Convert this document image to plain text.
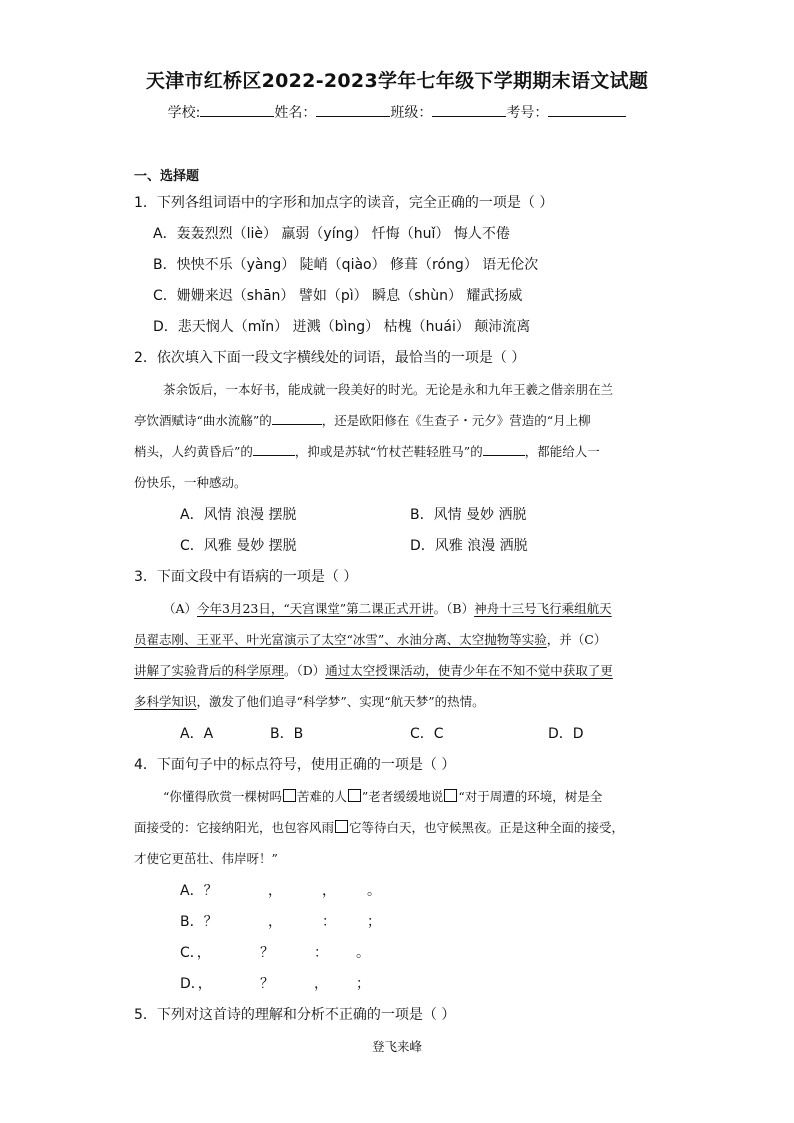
天津市红桥区2022-2023学年七年级下学期期末语文试题
学校:	姓名：	班级：	考号：
一、选择题
1．下列各组词语中的字形和加点字的读音，完全正确的一项是（ ）
A．轰轰烈烈（liè） 羸弱（yíng） 忏悔（huǐ） 悔人不倦
B．怏怏不乐（yàng） 陡峭（qiào） 修葺（róng） 语无伦次
C．姗姗来迟（shān） 譬如（pì） 瞬息（shùn） 耀武扬威
D．悲天悯人（mǐn） 迸溅（bìng） 枯槐（huái） 颠沛流离
2．依次填入下面一段文字横线处的词语，最恰当的一项是（ ）
茶余饭后，一本好书，能成就一段美好的时光。无论是永和九年王羲之偕亲朋在兰
亭饮酒赋诗“曲水流觞”的	，还是欧阳修在《生查子・元夕》营造的“月上柳
梢头，人约黄昏后”的	，抑或是苏轼“竹杖芒鞋轻胜马”的	，都能给人一
份快乐，一种感动。
A．风情 浪漫 摆脱	B．风情 曼妙 洒脱
C．风雅 曼妙 摆脱	D．风雅 浪漫 洒脱
3．下面文段中有语病的一项是（ ）
（A）今年3月23日，“天宫课堂”第二课正式开讲。（B）神舟十三号飞行乘组航天
员翟志刚、王亚平、叶光富演示了太空“冰雪”、水油分离、太空抛物等实验，并（C）
讲解了实验背后的科学原理。（D）通过太空授课活动，使青少年在不知不觉中获取了更
多科学知识，激发了他们追寻“科学梦”、实现“航天梦”的热情。
A．A	B．B	C．C	D．D
4．下面句子中的标点符号，使用正确的一项是（ ）
“你懂得欣赏一棵树吗 苦难的人 ”老者缓缓地说 “对于周遭的环境，树是全
面接受的：它接纳阳光，也包容风雨 它等待白天，也守候黑夜。正是这种全面的接受，
才使它更茁壮、伟岸呀！”
A．？	，	， 。
B．？	，	： ；
C．，	？	： 。
D．，	？	， ；
5．下列对这首诗的理解和分析不正确的一项是（ ）
登飞来峰
